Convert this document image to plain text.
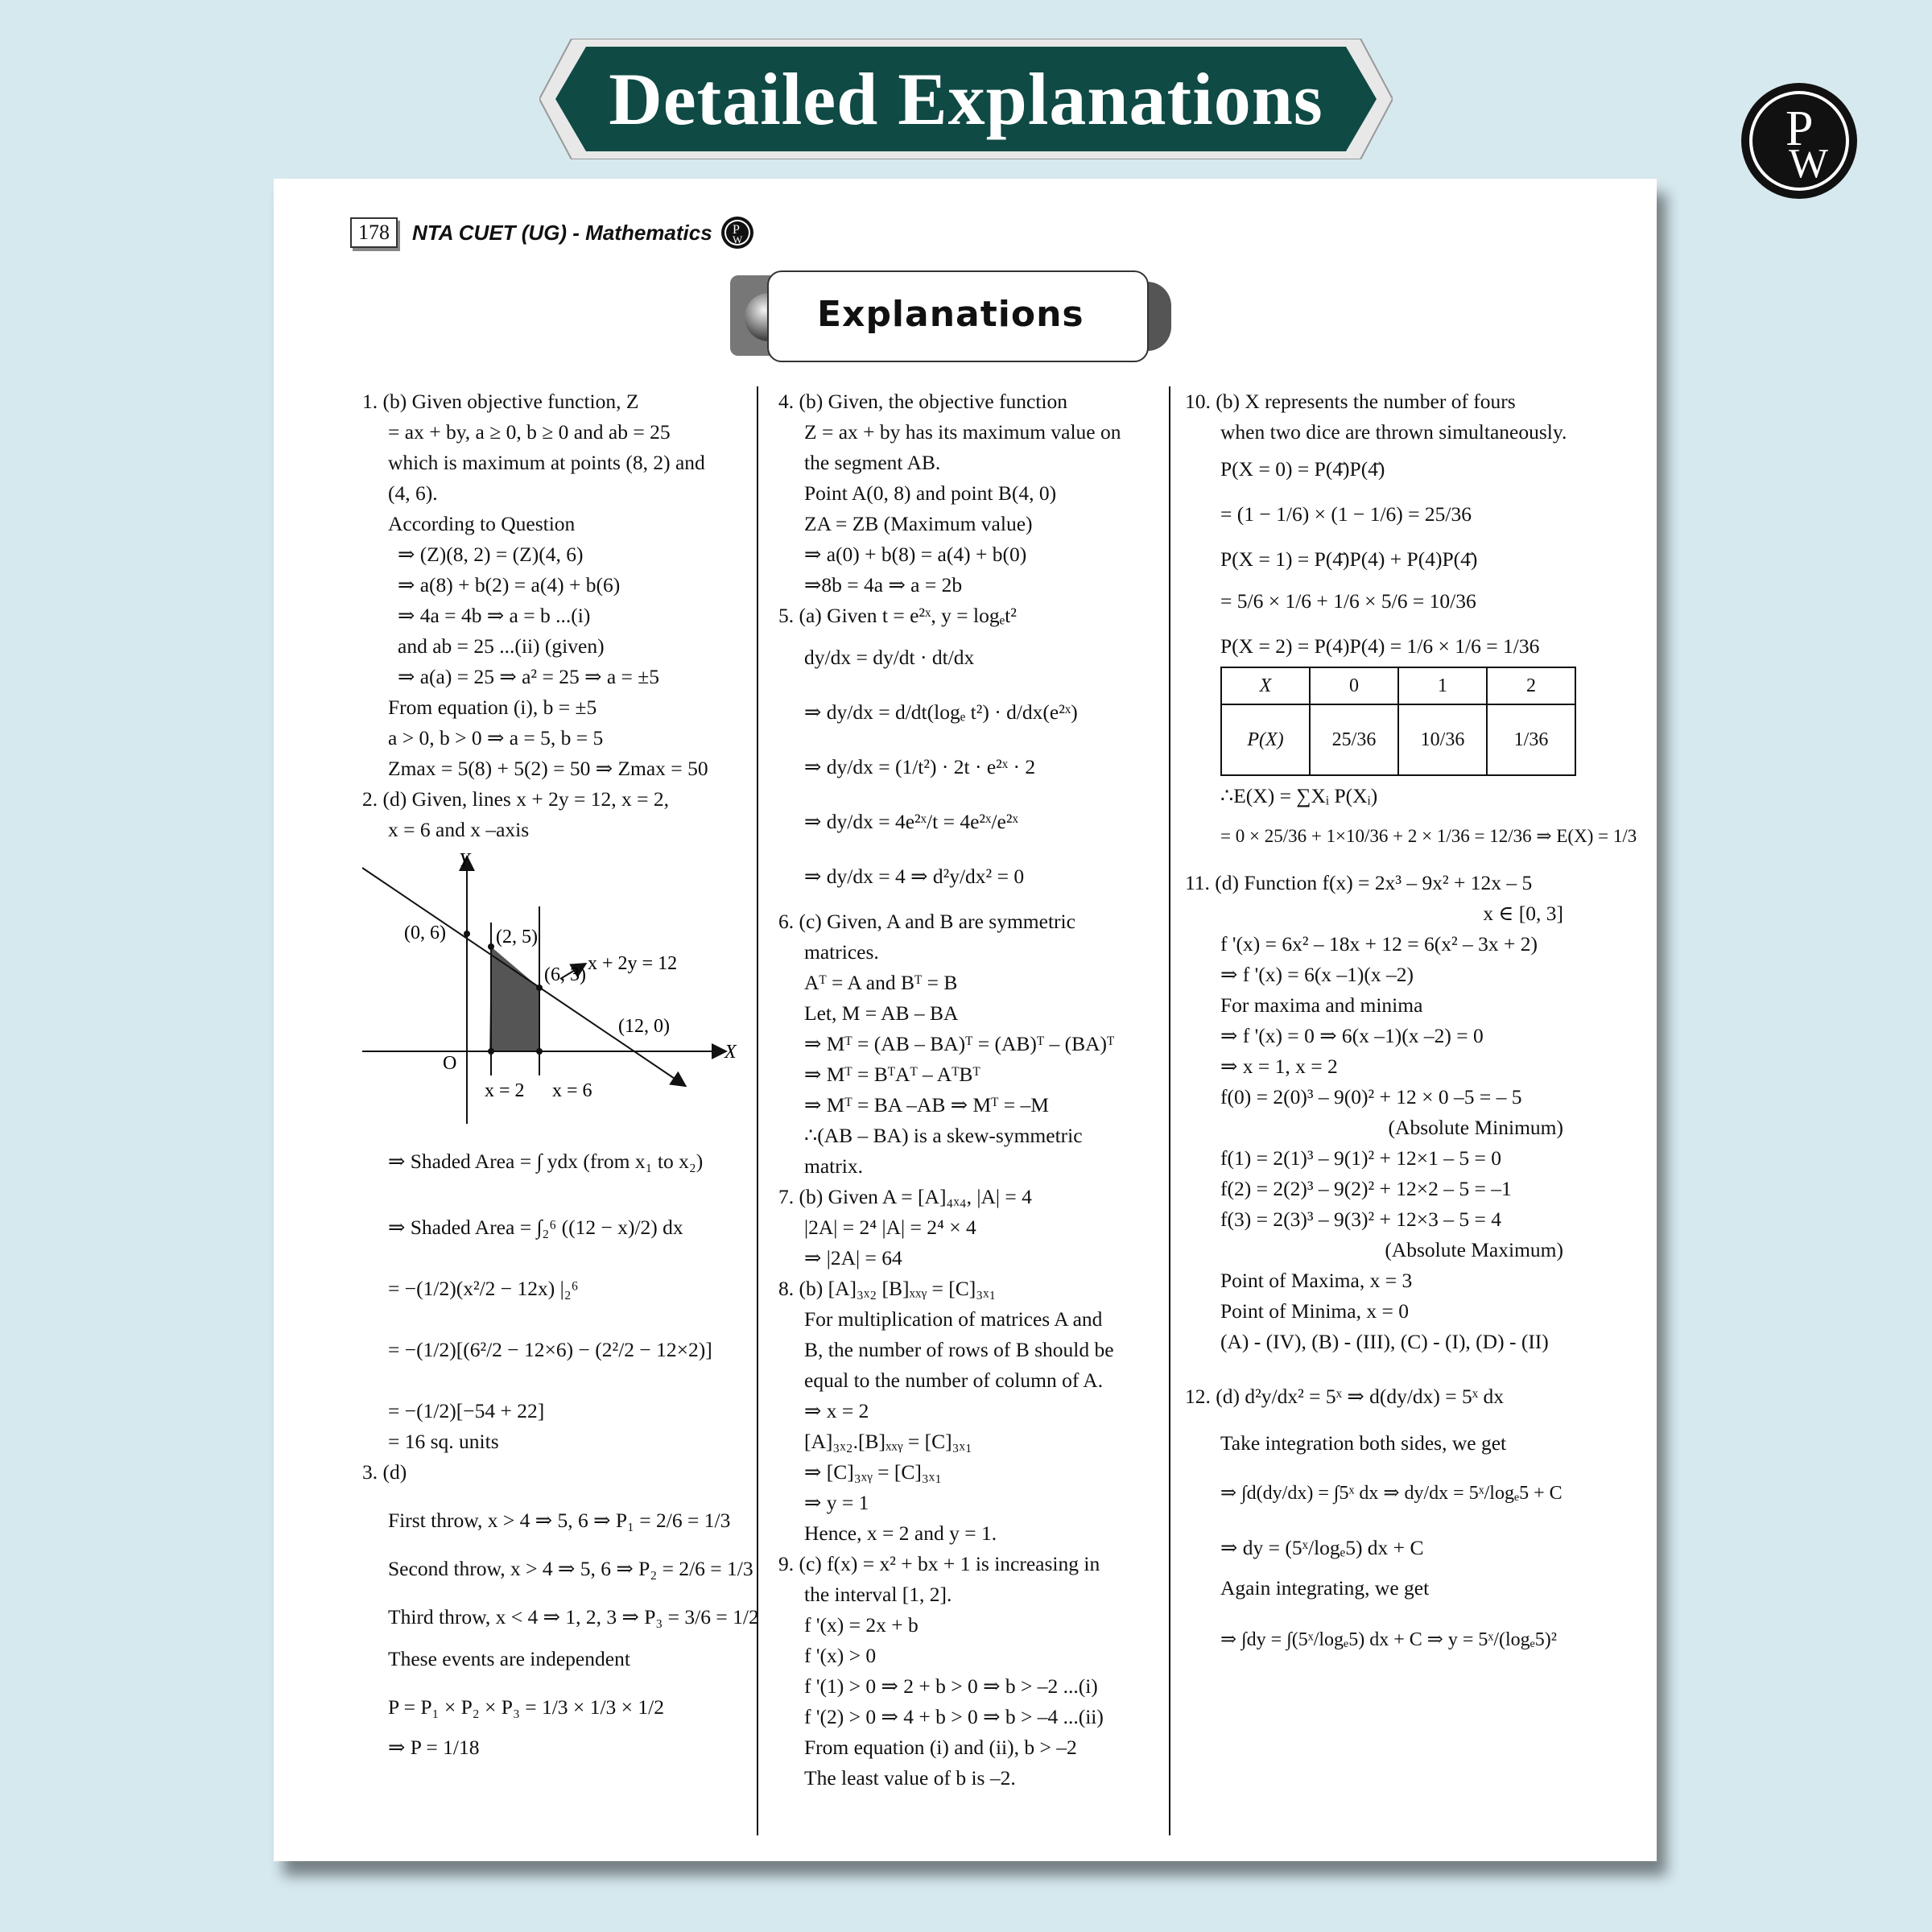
Detailed Explanations	P
W
178	NTA CUET (UG) - Mathematics P
W
Explanations
1. (b) Given objective function, Z
= ax + by, a ≥ 0, b ≥ 0 and ab = 25
which is maximum at points (8, 2) and
(4, 6).
According to Question
⇒ (Z)(8, 2) = (Z)(4, 6)
⇒ a(8) + b(2) = a(4) + b(6)
⇒ 4a = 4b ⇒ a = b ...(i)
and ab = 25 ...(ii) (given)
⇒ a(a) = 25 ⇒ a² = 25 ⇒ a = ±5
From equation (i), b = ±5
a > 0, b > 0 ⇒ a = 5, b = 5
Zmax = 5(8) + 5(2) = 50 ⇒ Zmax = 50
2. (d) Given, lines x + 2y = 12, x = 2,
x = 6 and x –axis
Y
X
O
(0, 6)	(2, 5)
(6, 3)
(12, 0)
x + 2y = 12
x = 2 x = 6
⇒ Shaded Area = ∫ ydx (from x₁ to x₂)
⇒ Shaded Area = ∫₂⁶ ((12 − x)/2) dx
= −(1/2)(x²/2 − 12x) |₂⁶
= −(1/2)[(6²/2 − 12×6) − (2²/2 − 12×2)]
= −(1/2)[−54 + 22]
= 16 sq. units
3. (d)
First throw, x > 4 ⇒ 5, 6 ⇒ P₁ = 2/6 = 1/3
Second throw, x > 4 ⇒ 5, 6 ⇒ P₂ = 2/6 = 1/3
Third throw, x < 4 ⇒ 1, 2, 3 ⇒ P₃ = 3/6 = 1/2
These events are independent
P = P₁ × P₂ × P₃ = 1/3 × 1/3 × 1/2
⇒ P = 1/18
4. (b) Given, the objective function
Z = ax + by has its maximum value on
the segment AB.
Point A(0, 8) and point B(4, 0)
ZA = ZB (Maximum value)
⇒ a(0) + b(8) = a(4) + b(0)
⇒8b = 4a ⇒ a = 2b
5. (a) Given t = e²ˣ, y = logₑt²
dy/dx = dy/dt · dt/dx
⇒ dy/dx = d/dt(logₑ t²) · d/dx(e²ˣ)
⇒ dy/dx = (1/t²) · 2t · e²ˣ · 2
⇒ dy/dx = 4e²ˣ/t = 4e²ˣ/e²ˣ
⇒ dy/dx = 4 ⇒ d²y/dx² = 0
6. (c) Given, A and B are symmetric
matrices.
Aᵀ = A and Bᵀ = B
Let, M = AB – BA
⇒ Mᵀ = (AB – BA)ᵀ = (AB)ᵀ – (BA)ᵀ
⇒ Mᵀ = BᵀAᵀ – AᵀBᵀ
⇒ Mᵀ = BA –AB ⇒ Mᵀ = –M
∴(AB – BA) is a skew-symmetric
matrix.
7. (b) Given A = [A]₄ₓ₄, |A| = 4
|2A| = 2⁴ |A| = 2⁴ × 4
⇒ |2A| = 64
8. (b) [A]₃ₓ₂ [B]ₓₓᵧ = [C]₃ₓ₁
For multiplication of matrices A and
B, the number of rows of B should be
equal to the number of column of A.
⇒ x = 2
[A]₃ₓ₂.[B]ₓₓᵧ = [C]₃ₓ₁
⇒ [C]₃ₓᵧ = [C]₃ₓ₁
⇒ y = 1
Hence, x = 2 and y = 1.
9. (c) f(x) = x² + bx + 1 is increasing in
the interval [1, 2].
f '(x) = 2x + b
f '(x) > 0
f '(1) > 0 ⇒ 2 + b > 0 ⇒ b > –2 ...(i)
f '(2) > 0 ⇒ 4 + b > 0 ⇒ b > –4 ...(ii)
From equation (i) and (ii), b > –2
The least value of b is –2.
10. (b) X represents the number of fours
when two dice are thrown simultaneously.
P(X = 0) = P(4̄)P(4̄)
= (1 − 1/6) × (1 − 1/6) = 25/36
P(X = 1) = P(4̄)P(4) + P(4)P(4̄)
= 5/6 × 1/6 + 1/6 × 5/6 = 10/36
P(X = 2) = P(4)P(4) = 1/6 × 1/6 = 1/36
X	0	1	2
P(X)	25/36	10/36	1/36
∴E(X) = ∑Xᵢ P(Xᵢ)
= 0 × 25/36 + 1×10/36 + 2 × 1/36 = 12/36 ⇒ E(X) = 1/3
11. (d) Function f(x) = 2x³ – 9x² + 12x – 5
x ∈ [0, 3]
f '(x) = 6x² – 18x + 12 = 6(x² – 3x + 2)
⇒ f '(x) = 6(x –1)(x –2)
For maxima and minima
⇒ f '(x) = 0 ⇒ 6(x –1)(x –2) = 0
⇒ x = 1, x = 2
f(0) = 2(0)³ – 9(0)² + 12 × 0 –5 = – 5
(Absolute Minimum)
f(1) = 2(1)³ – 9(1)² + 12×1 – 5 = 0
f(2) = 2(2)³ – 9(2)² + 12×2 – 5 = –1
f(3) = 2(3)³ – 9(3)² + 12×3 – 5 = 4
(Absolute Maximum)
Point of Maxima, x = 3
Point of Minima, x = 0
(A) - (IV), (B) - (III), (C) - (I), (D) - (II)
12. (d) d²y/dx² = 5ˣ ⇒ d(dy/dx) = 5ˣ dx
Take integration both sides, we get
⇒ ∫d(dy/dx) = ∫5ˣ dx ⇒ dy/dx = 5ˣ/logₑ5 + C
⇒ dy = (5ˣ/logₑ5) dx + C
Again integrating, we get
⇒ ∫dy = ∫(5ˣ/logₑ5) dx + C ⇒ y = 5ˣ/(logₑ5)²
